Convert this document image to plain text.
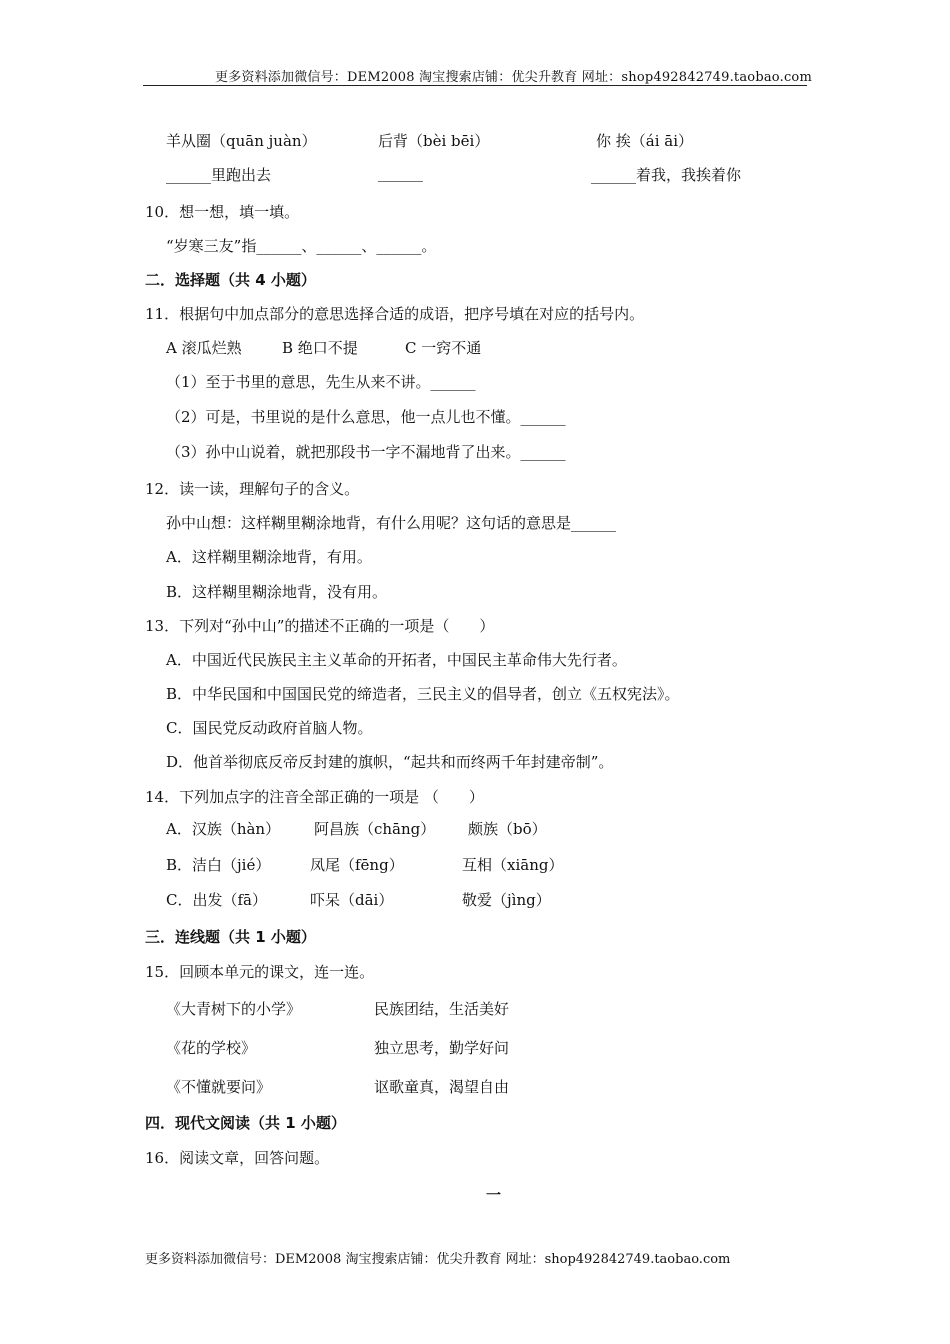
更多资料添加微信号：DEM2008 淘宝搜索店铺：优尖升教育 网址：shop492842749.taobao.com
羊从圈（quān juàn）	后背（bèi bēi）	你 挨（ái āi）
______里跑出去	______	______着我，我挨着你
10．想一想，填一填。
“岁寒三友”指______、______、______。
二．选择题（共 4 小题）
11．根据句中加点部分的意思选择合适的成语，把序号填在对应的括号内。
A 滚瓜烂熟	B 绝口不提	C 一窍不通
（1）至于书里的意思，先生从来不讲。______
（2）可是，书里说的是什么意思，他一点儿也不懂。______
（3）孙中山说着，就把那段书一字不漏地背了出来。______
12．读一读，理解句子的含义。
孙中山想：这样糊里糊涂地背，有什么用呢？这句话的意思是______
A．这样糊里糊涂地背，有用。
B．这样糊里糊涂地背，没有用。
13．下列对“孙中山”的描述不正确的一项是（　　）
A．中国近代民族民主主义革命的开拓者，中国民主革命伟大先行者。
B．中华民国和中国国民党的缔造者，三民主义的倡导者，创立《五权宪法》。
C．国民党反动政府首脑人物。
D．他首举彻底反帝反封建的旗帜，“起共和而终两千年封建帝制”。
14．下列加点字的注音全部正确的一项是 （　　）
A．汉族（hàn） 阿昌族（chāng） 颇族（bō）
B．洁白（jié）	凤尾（fēng）	互相（xiāng）
C．出发（fā）	吓呆（dāi）	敬爱（jìng）
三．连线题（共 1 小题）
15．回顾本单元的课文，连一连。
《大青树下的小学》	民族团结，生活美好
《花的学校》	独立思考，勤学好问
《不懂就要问》	讴歌童真，渴望自由
四．现代文阅读（共 1 小题）
16．阅读文章，回答问题。
一
更多资料添加微信号：DEM2008 淘宝搜索店铺：优尖升教育 网址：shop492842749.taobao.com
